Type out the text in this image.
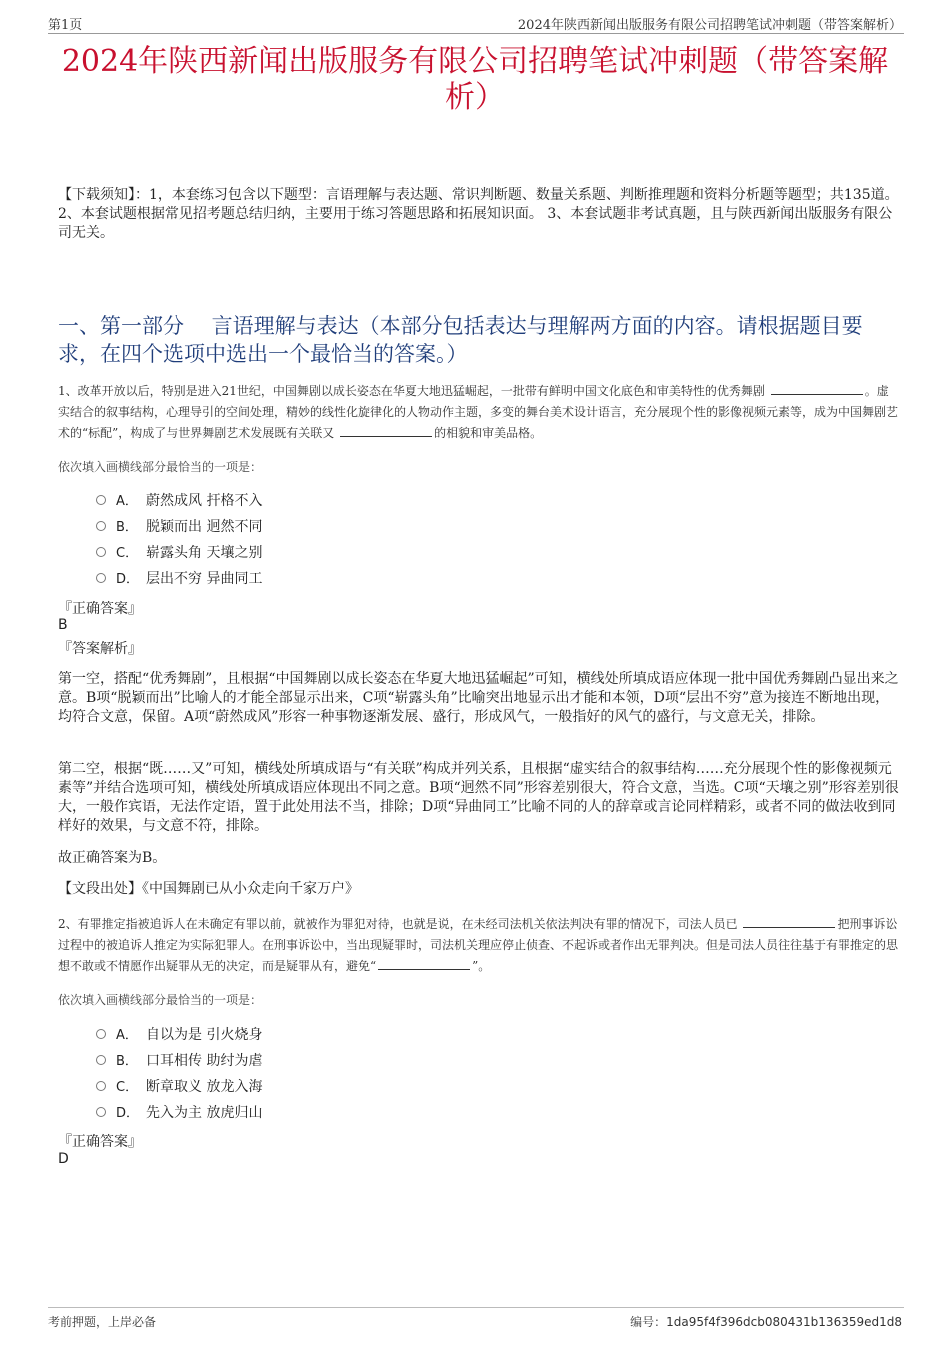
第1页	2024年陕西新闻出版服务有限公司招聘笔试冲刺题（带答案解析）
2024年陕西新闻出版服务有限公司招聘笔试冲刺题（带答案解析）
【下载须知】：1，本套练习包含以下题型：言语理解与表达题、常识判断题、数量关系题、判断推理题和资料分析题等题型；共135道。 2、本套试题根据常见招考题总结归纳，主要用于练习答题思路和拓展知识面。 3、本套试题非考试真题，且与陕西新闻出版服务有限公司无关。
一、第一部分　 言语理解与表达（本部分包括表达与理解两方面的内容。请根据题目要求，在四个选项中选出一个最恰当的答案。）
1、改革开放以后，特别是进入21世纪，中国舞剧以成长姿态在华夏大地迅猛崛起，一批带有鲜明中国文化底色和审美特性的优秀舞剧	。虚实结合的叙事结构，心理导引的空间处理，精妙的线性化旋律化的人物动作主题，多变的舞台美术设计语言，充分展现个性的影像视频元素等，成为中国舞剧艺术的“标配”，构成了与世界舞剧艺术发展既有关联又	的相貌和审美品格。
依次填入画横线部分最恰当的一项是：
A． 蔚然成风 扞格不入
B． 脱颖而出 迥然不同
C． 崭露头角 天壤之别
D． 层出不穷 异曲同工
『正确答案』
B
『答案解析』
第一空，搭配“优秀舞剧”，且根据“中国舞剧以成长姿态在华夏大地迅猛崛起”可知，横线处所填成语应体现一批中国优秀舞剧凸显出来之意。B项“脱颖而出”比喻人的才能全部显示出来，C项“崭露头角”比喻突出地显示出才能和本领，D项“层出不穷”意为接连不断地出现，均符合文意，保留。A项“蔚然成风”形容一种事物逐渐发展、盛行，形成风气，一般指好的风气的盛行，与文意无关，排除。
第二空，根据“既……又”可知，横线处所填成语与“有关联”构成并列关系，且根据“虚实结合的叙事结构……充分展现个性的影像视频元素等”并结合选项可知，横线处所填成语应体现出不同之意。B项“迥然不同”形容差别很大，符合文意，当选。C项“天壤之别”形容差别很大，一般作宾语，无法作定语，置于此处用法不当，排除；D项“异曲同工”比喻不同的人的辞章或言论同样精彩，或者不同的做法收到同样好的效果，与文意不符，排除。
故正确答案为B。
【文段出处】《中国舞剧已从小众走向千家万户》
2、有罪推定指被追诉人在未确定有罪以前，就被作为罪犯对待，也就是说，在未经司法机关依法判决有罪的情况下，司法人员已	把刑事诉讼过程中的被追诉人推定为实际犯罪人。在刑事诉讼中，当出现疑罪时，司法机关理应停止侦查、不起诉或者作出无罪判决。但是司法人员往往基于有罪推定的思想不敢或不情愿作出疑罪从无的决定，而是疑罪从有，避免“	”。
依次填入画横线部分最恰当的一项是：
A． 自以为是 引火烧身
B． 口耳相传 助纣为虐
C． 断章取义 放龙入海
D． 先入为主 放虎归山
『正确答案』
D
考前押题，上岸必备	编号：1da95f4f396dcb080431b136359ed1d8
